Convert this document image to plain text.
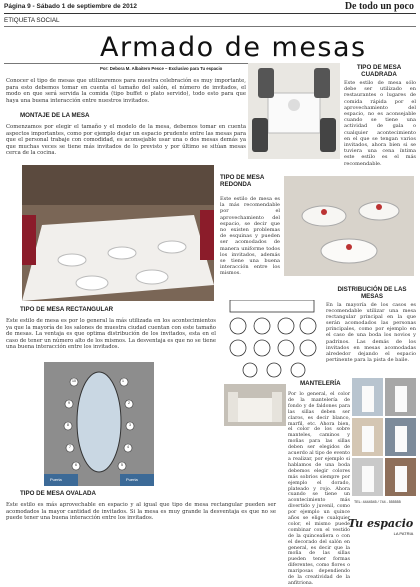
Página 9 - Sábado 1 de septiembre de 2012	De todo un poco
ETIQUETA SOCIAL
Armado de mesas
Por: Debora M. Albaitero Pesce – Exclusivo para Tu espacio
Conocer el tipo de mesas que utilizaremos para nuestra celebración es muy importante, para esto debemos tomar en cuenta el tamaño del salón, el número de invitados, el modo en que será servida la comida (tipo buffet o plato servido), todo esto para que haya una buena interacción entre nuestros invitados.
MONTAJE DE LA MESA
Comenzamos por elegir el tamaño y el modelo de la mesa, debemos tomar en cuenta aspectos importantes, como por ejemplo dejar un espacio prudente entre las mesas para que el personal trabaje con comodidad, es aconsejable usar una o dos mesas demás ya que muchas veces se tiene más invitados de lo previsto y por último se sitúan mesas cerca de la cocina.
TIPO DE MESA CUADRADA
Este estilo de mesa sólo debe ser utilizado en restaurantes o lugares de comida rápida por el aprovechamiento del espacio, no es aconsejable cuando se tiene una actividad de gala o cualquier acontecimiento en el que se tengan varios invitados, ahora bien si se tuviera una cena íntima este estilo es el más recomendable.
TIPO DE MESA REDONDA
Este estilo de mesa es la más recomendable por el aprovechamiento del espacio, se decir que no existen problemas de esquinas y pueden ser acomodados de manera uniforme todos los invitados, además se tiene una buena interacción entre los mismos.
DISTRIBUCIÓN DE LAS MESAS
En la mayoría de los casos es recomendable utilizar una mesa rectangular principal en la que serán acomodados las personas principales, como por ejemplo en el caso de una boda los novios y padrinos. Las demás de los invitados en mesas acomodadas alrededor dejando el espacio pertinente para la pista de baile.
TIPO DE MESA RECTANGULAR
Este estilo de mesa es por lo general la más utilizada en los acontecimientos ya que la mayoría de los salones de muestra ciudad cuentan con este tamaño de mesas. La ventaja es que optima distribución de los invitados, esta en el caso de tener un número alto de los mismos. La desventaja es que no se tiene una buena interacción entre los invitados.
10	1
2
3
4
5
6
7
8
9
Puerta	Puerta
MANTELERÍA
Por lo general, el color de la mantelería de fondo y de faldones para las sillas deben ser claros, es decir blanco, marfil, etc. Ahora bien, el color de los sobre manteles, caminos y moñas para las sillas deben ser elegidos de acuerdo al tipo de evento a realizar, por ejemplo si hablamos de una boda debemos elegir colores más sobrios siempre por ejemplo el dorado, plateado y rojo. Ahora cuando se tiene un acontecimiento más divertido y juvenil, como por ejemplo un quince años se elige cualquier color, el mismo puede combinar con el vestido de la quinceañera o con el decorado del salón en general, es decir que la moña de las sillas pueden tener formas diferentes, como flores o mariposas dependiendo de la creatividad de la anfitriona.
TIPO DE MESA OVALADA
Este estilo es más aprovechable en espacio y al igual que tipo de mesa rectangular pueden ser acomodados la mayor cantidad de invitados. Si la mesa es muy grande la desventaja es que no se puede tener una buena interacción entre los invitados.
TEL: 4444545 / 744 - 555555
Tu espacio
LA PATRIA
